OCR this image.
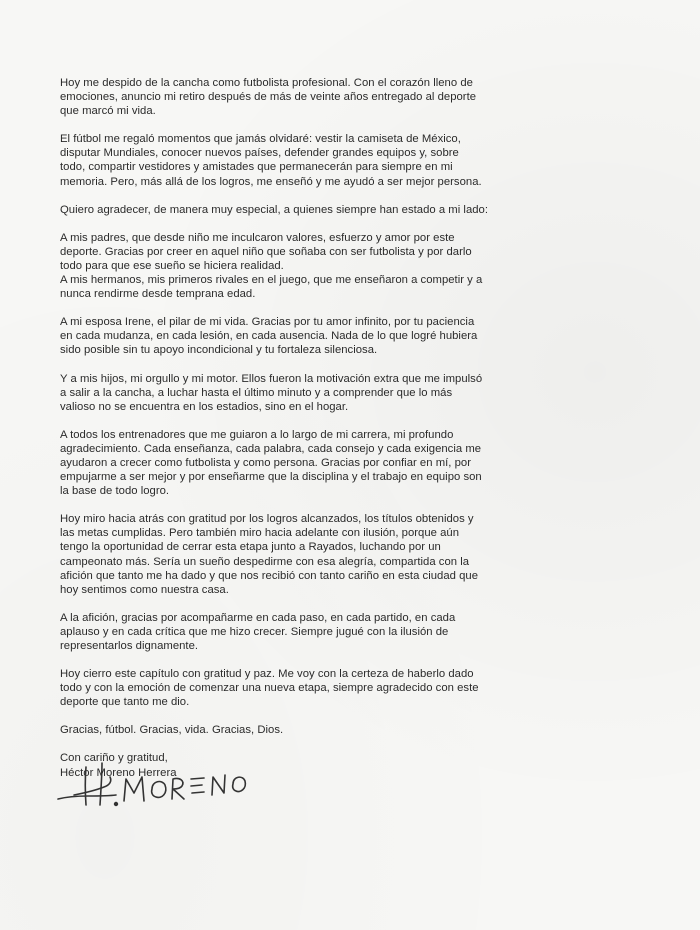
Hoy me despido de la cancha como futbolista profesional. Con el corazón lleno de
emociones, anuncio mi retiro después de más de veinte años entregado al deporte
que marcó mi vida.

El fútbol me regaló momentos que jamás olvidaré: vestir la camiseta de México,
disputar Mundiales, conocer nuevos países, defender grandes equipos y, sobre
todo, compartir vestidores y amistades que permanecerán para siempre en mi
memoria. Pero, más allá de los logros, me enseñó y me ayudó a ser mejor persona.

Quiero agradecer, de manera muy especial, a quienes siempre han estado a mi lado:

A mis padres, que desde niño me inculcaron valores, esfuerzo y amor por este
deporte. Gracias por creer en aquel niño que soñaba con ser futbolista y por darlo
todo para que ese sueño se hiciera realidad.
A mis hermanos, mis primeros rivales en el juego, que me enseñaron a competir y a
nunca rendirme desde temprana edad.

A mi esposa Irene, el pilar de mi vida. Gracias por tu amor infinito, por tu paciencia
en cada mudanza, en cada lesión, en cada ausencia. Nada de lo que logré hubiera
sido posible sin tu apoyo incondicional y tu fortaleza silenciosa.

Y a mis hijos, mi orgullo y mi motor. Ellos fueron la motivación extra que me impulsó
a salir a la cancha, a luchar hasta el último minuto y a comprender que lo más
valioso no se encuentra en los estadios, sino en el hogar.

A todos los entrenadores que me guiaron a lo largo de mi carrera, mi profundo
agradecimiento. Cada enseñanza, cada palabra, cada consejo y cada exigencia me
ayudaron a crecer como futbolista y como persona. Gracias por confiar en mí, por
empujarme a ser mejor y por enseñarme que la disciplina y el trabajo en equipo son
la base de todo logro.

Hoy miro hacia atrás con gratitud por los logros alcanzados, los títulos obtenidos y
las metas cumplidas. Pero también miro hacia adelante con ilusión, porque aún
tengo la oportunidad de cerrar esta etapa junto a Rayados, luchando por un
campeonato más. Sería un sueño despedirme con esa alegría, compartida con la
afición que tanto me ha dado y que nos recibió con tanto cariño en esta ciudad que
hoy sentimos como nuestra casa.

A la afición, gracias por acompañarme en cada paso, en cada partido, en cada
aplauso y en cada crítica que me hizo crecer. Siempre jugué con la ilusión de
representarlos dignamente.

Hoy cierro este capítulo con gratitud y paz. Me voy con la certeza de haberlo dado
todo y con la emoción de comenzar una nueva etapa, siempre agradecido con este
deporte que tanto me dio.

Gracias, fútbol. Gracias, vida. Gracias, Dios.

Con cariño y gratitud,
Héctor Moreno Herrera
